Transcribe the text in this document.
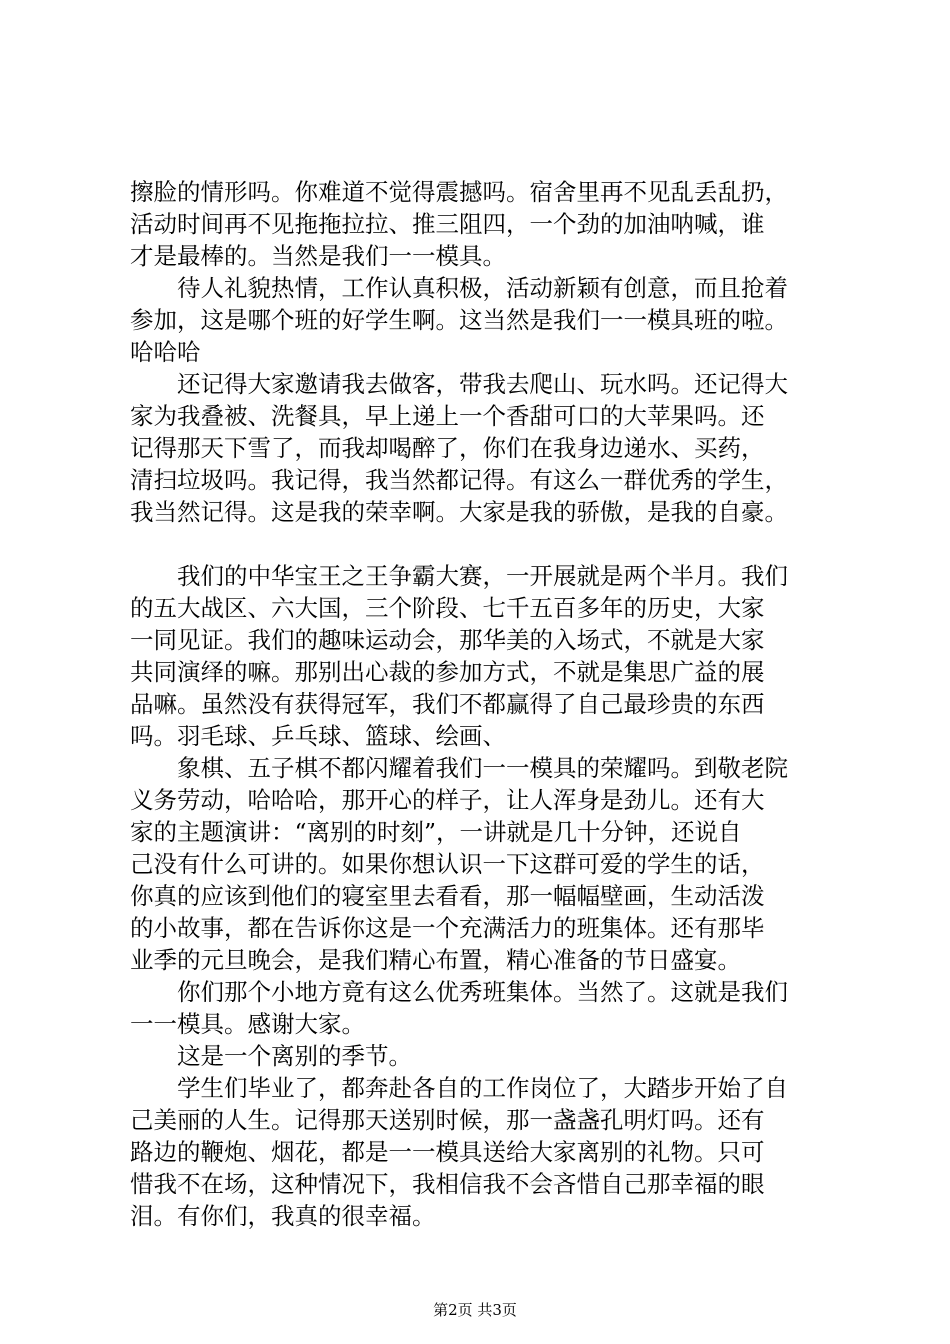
擦脸的情形吗。你难道不觉得震撼吗。宿舍里再不见乱丢乱扔，
活动时间再不见拖拖拉拉、推三阻四，一个劲的加油呐喊，谁
才是最棒的。当然是我们一一模具。
待人礼貌热情，工作认真积极，活动新颖有创意，而且抢着
参加，这是哪个班的好学生啊。这当然是我们一一模具班的啦。
哈哈哈
还记得大家邀请我去做客，带我去爬山、玩水吗。还记得大
家为我叠被、洗餐具，早上递上一个香甜可口的大苹果吗。还
记得那天下雪了，而我却喝醉了，你们在我身边递水、买药，
清扫垃圾吗。我记得，我当然都记得。有这么一群优秀的学生，
我当然记得。这是我的荣幸啊。大家是我的骄傲，是我的自豪。
我们的中华宝王之王争霸大赛，一开展就是两个半月。我们
的五大战区、六大国，三个阶段、七千五百多年的历史，大家
一同见证。我们的趣味运动会，那华美的入场式，不就是大家
共同演绎的嘛。那别出心裁的参加方式，不就是集思广益的展
品嘛。虽然没有获得冠军，我们不都赢得了自己最珍贵的东西
吗。羽毛球、乒乓球、篮球、绘画、
象棋、五子棋不都闪耀着我们一一模具的荣耀吗。到敬老院
义务劳动，哈哈哈，那开心的样子，让人浑身是劲儿。还有大
家的主题演讲：“离别的时刻”，一讲就是几十分钟，还说自
己没有什么可讲的。如果你想认识一下这群可爱的学生的话，
你真的应该到他们的寝室里去看看，那一幅幅壁画，生动活泼
的小故事，都在告诉你这是一个充满活力的班集体。还有那毕
业季的元旦晚会，是我们精心布置，精心准备的节日盛宴。
你们那个小地方竟有这么优秀班集体。当然了。这就是我们
一一模具。感谢大家。
这是一个离别的季节。
学生们毕业了，都奔赴各自的工作岗位了，大踏步开始了自
己美丽的人生。记得那天送别时候，那一盏盏孔明灯吗。还有
路边的鞭炮、烟花，都是一一模具送给大家离别的礼物。只可
惜我不在场，这种情况下，我相信我不会吝惜自己那幸福的眼
泪。有你们，我真的很幸福。
第2页 共3页
